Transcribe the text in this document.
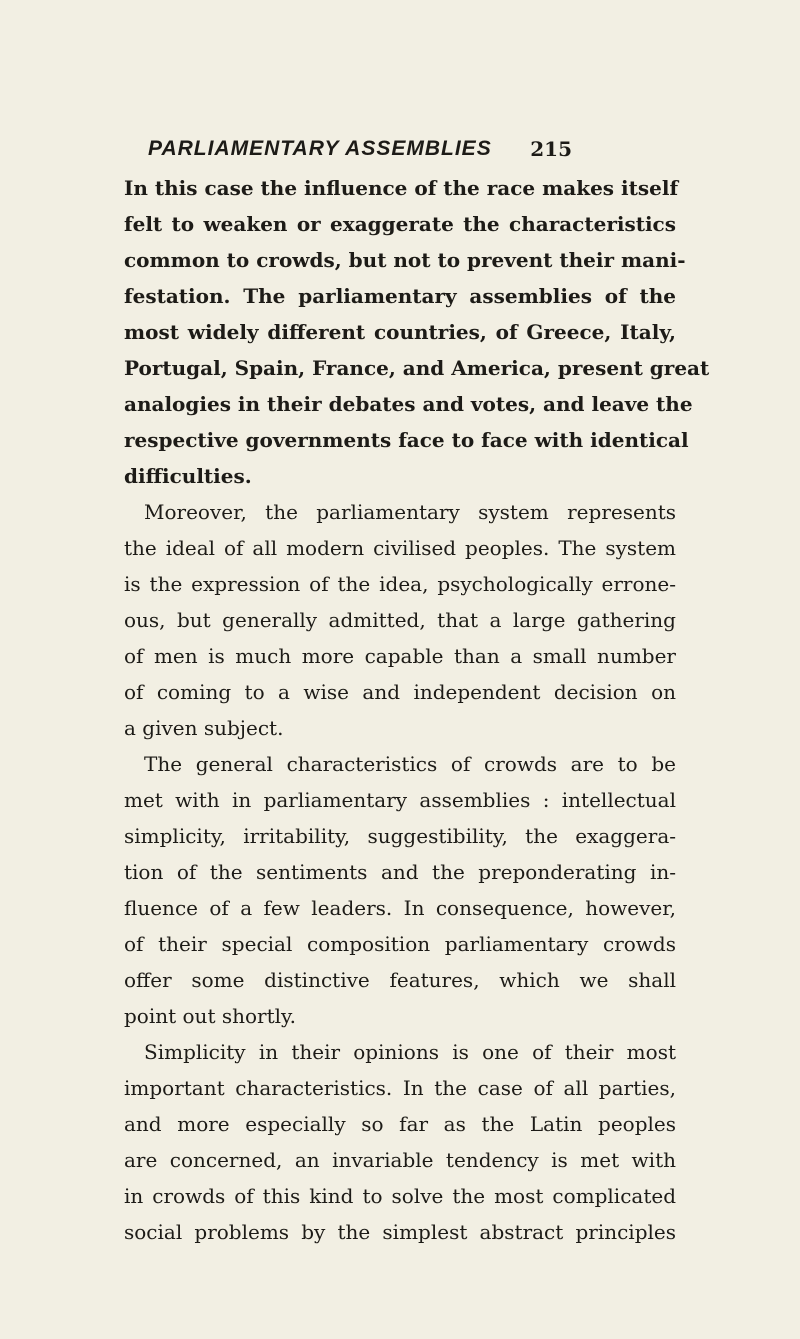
PARLIAMENTARY ASSEMBLIES 215
In this case the influence of the race makes itself
felt to weaken or exaggerate the characteristics
common to crowds, but not to prevent their mani-
festation. The parliamentary assemblies of the
most widely different countries, of Greece, Italy,
Portugal, Spain, France, and America, present great
analogies in their debates and votes, and leave the
respective governments face to face with identical
difficulties.
Moreover, the parliamentary system represents
the ideal of all modern civilised peoples. The system
is the expression of the idea, psychologically errone-
ous, but generally admitted, that a large gathering
of men is much more capable than a small number
of coming to a wise and independent decision on
a given subject.
The general characteristics of crowds are to be
met with in parliamentary assemblies : intellectual
simplicity, irritability, suggestibility, the exaggera-
tion of the sentiments and the preponderating in-
fluence of a few leaders. In consequence, however,
of their special composition parliamentary crowds
offer some distinctive features, which we shall
point out shortly.
Simplicity in their opinions is one of their most
important characteristics. In the case of all parties,
and more especially so far as the Latin peoples
are concerned, an invariable tendency is met with
in crowds of this kind to solve the most complicated
social problems by the simplest abstract principles
